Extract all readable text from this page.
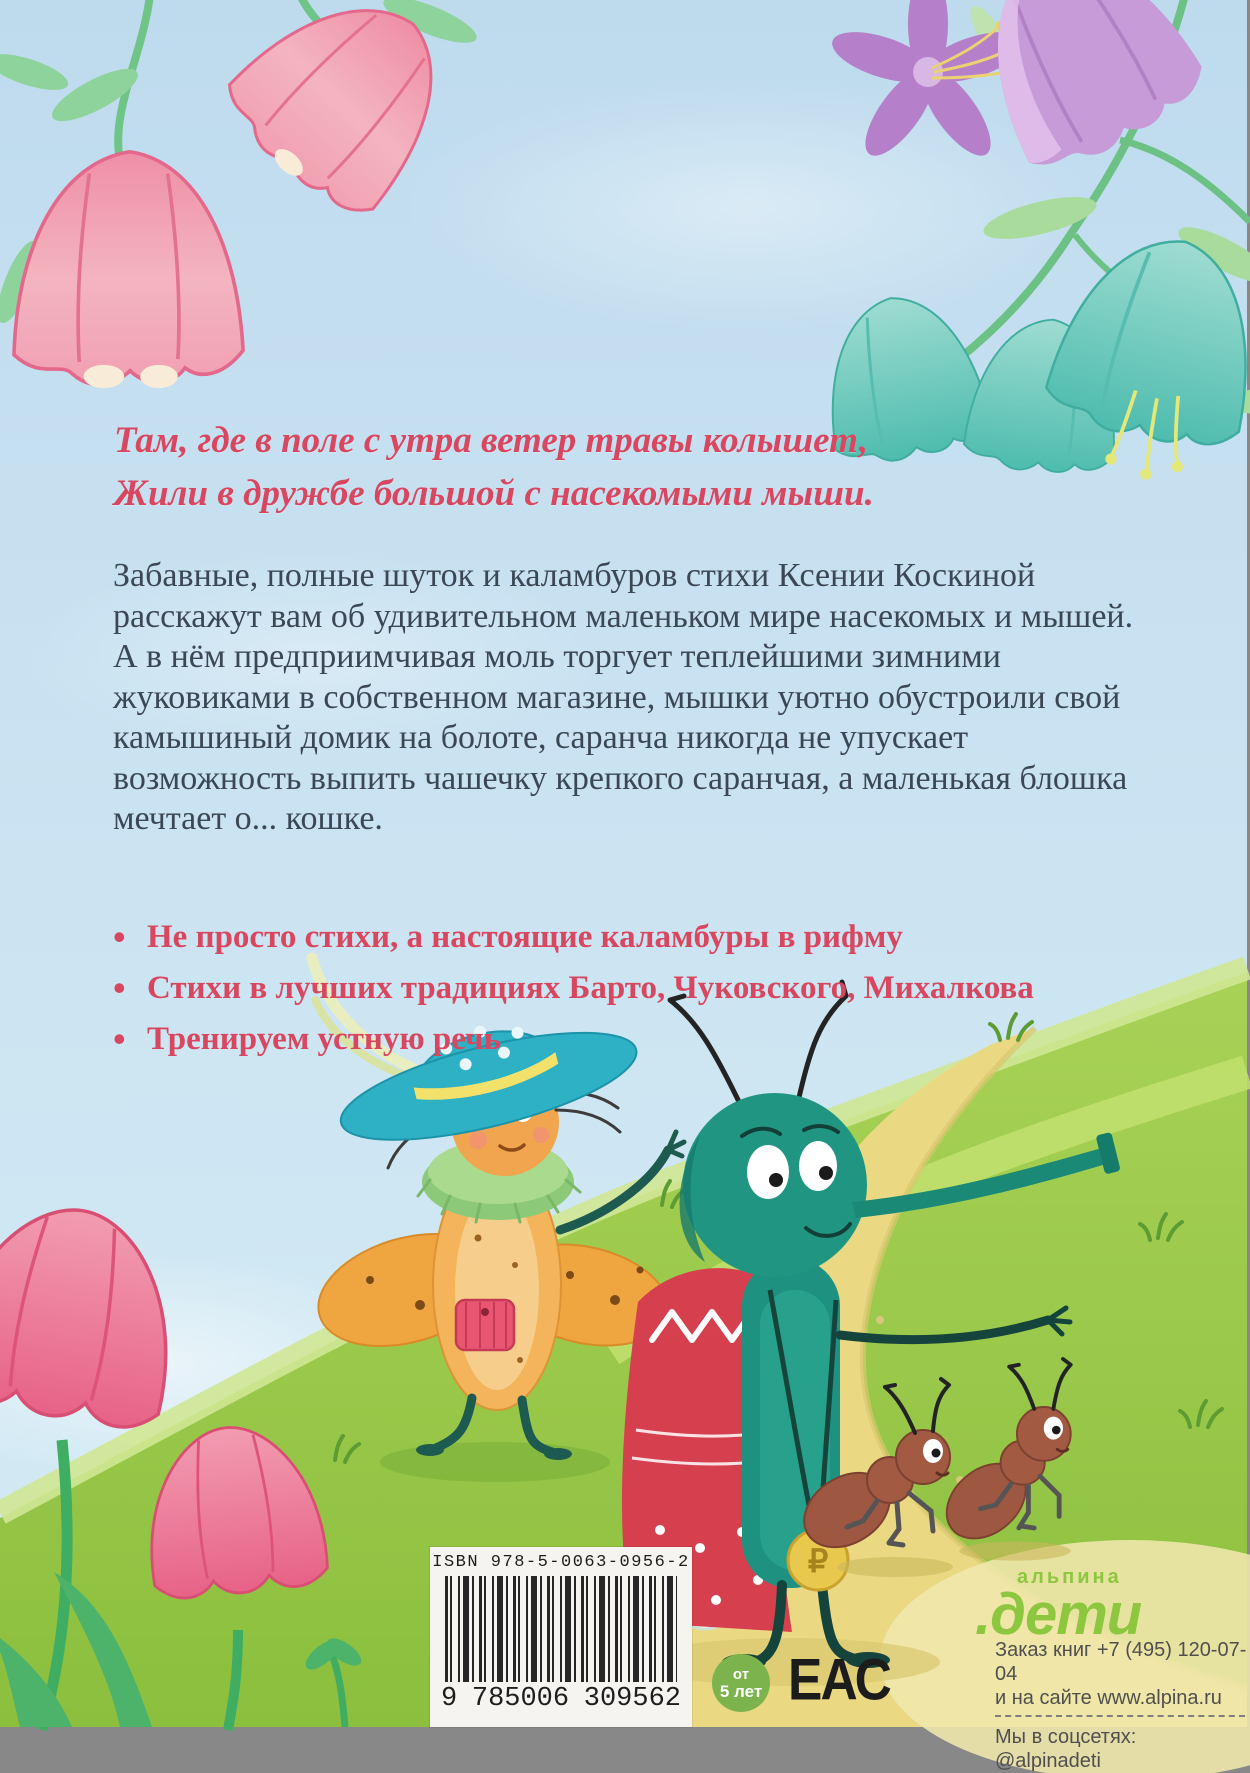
₽
Там, где в поле с утра ветер травы колышет,
Жили в дружбе большой с насекомыми мыши.

Забавные, полные шуток и каламбуров стихи Ксении Коскиной расскажут вам об удивительном маленьком мире насекомых и мышей. А в нём предприимчивая моль торгует теплейшими зимними жуковиками в собственном магазине, мышки уютно обустроили свой камышиный домик на болоте, саранча никогда не упускает возможность выпить чашечку крепкого саранчая, а маленькая блошка мечтает о... кошке.

• Не просто стихи, а настоящие каламбуры в рифму
• Стихи в лучших традициях Барто, Чуковского, Михалкова
• Тренируем устную речь
ISBN 978-5-0063-0956-2
9 785006 309562
от
5 лет ЕАС
альпина
.дети
Заказ книг +7 (495) 120-07-04
и на сайте www.alpina.ru
Мы в соцсетях: @alpinadeti
